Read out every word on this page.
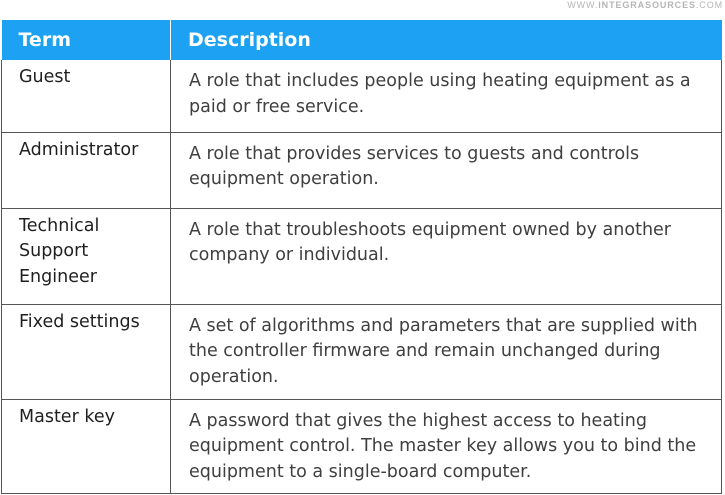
WWW.INTEGRASOURCES.COM
Term	Description
Guest	A role that includes people using heating equipment as a paid or free service.
Administrator	A role that provides services to guests and controls equipment operation.
Technical Support Engineer	A role that troubleshoots equipment owned by another company or individual.
Fixed settings	A set of algorithms and parameters that are supplied with the controller firmware and remain unchanged during operation.
Master key	A password that gives the highest access to heating equipment control. The master key allows you to bind the equipment to a single-board computer.
